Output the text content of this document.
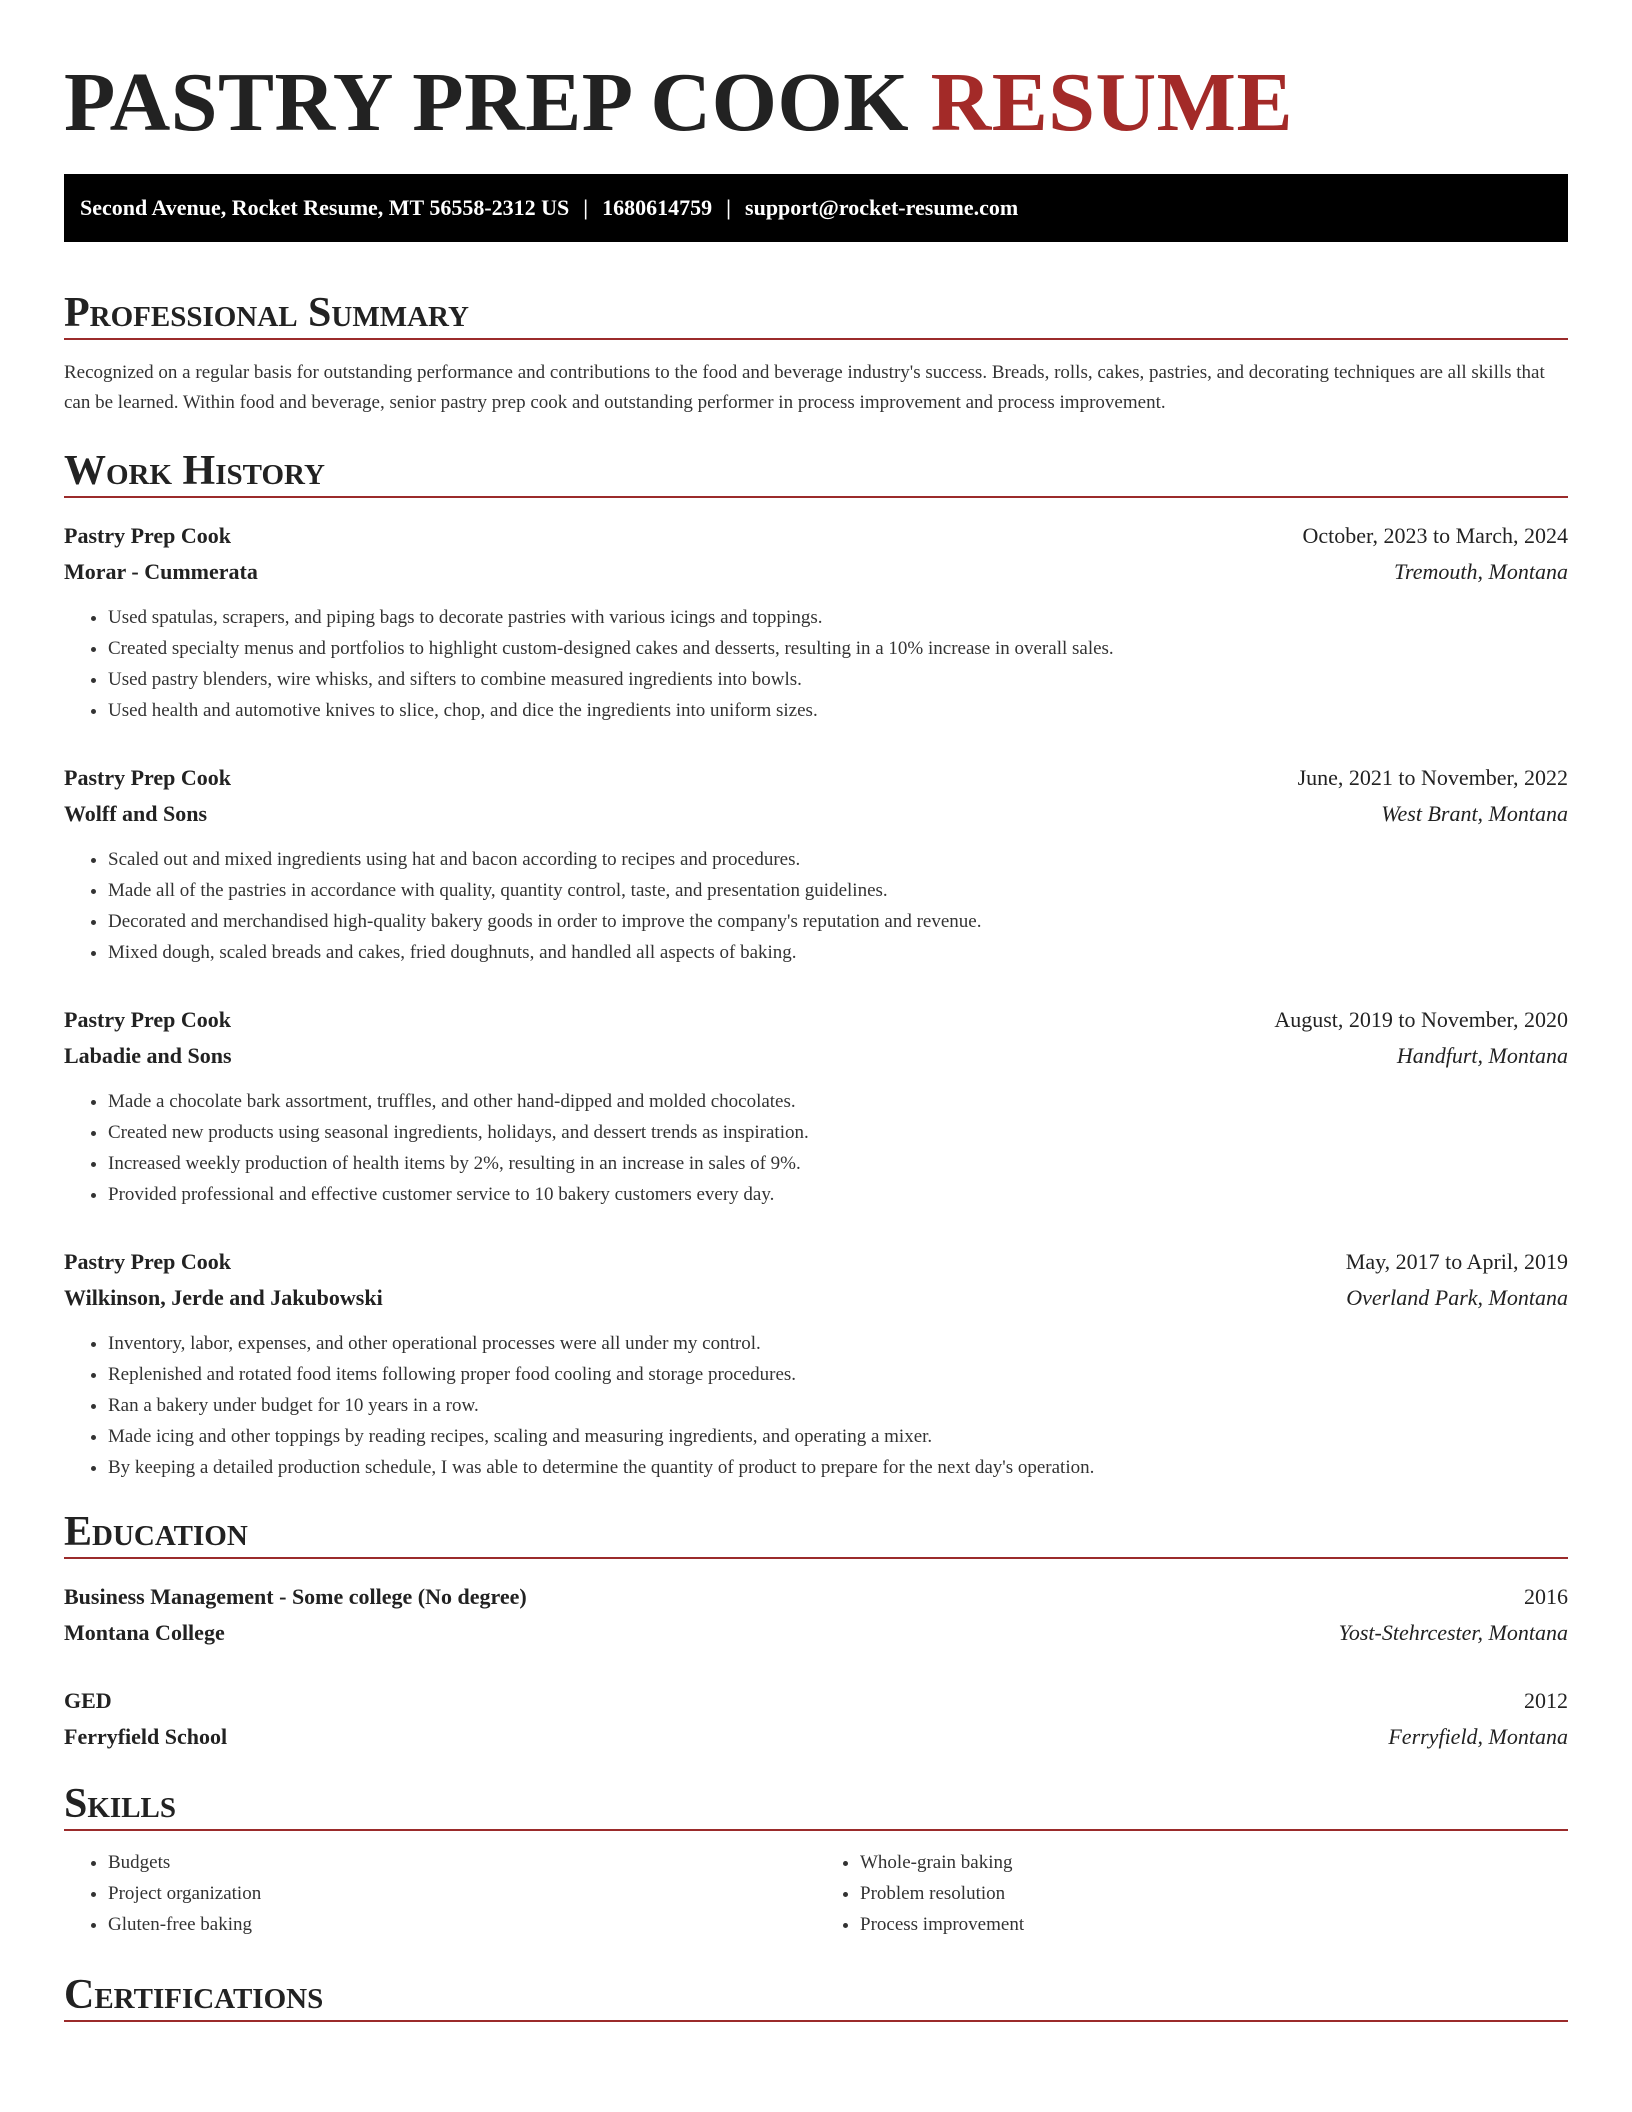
PASTRY PREP COOK RESUME
Second Avenue, Rocket Resume, MT 56558-2312 US | 1680614759 | support@rocket-resume.com
Professional Summary

Recognized on a regular basis for outstanding performance and contributions to the food and beverage industry's success. Breads, rolls, cakes, pastries, and decorating techniques are all skills that can be learned. Within food and beverage, senior pastry prep cook and outstanding performer in process improvement and process improvement.

Work History
Pastry Prep Cook	October, 2023 to March, 2024
Morar - Cummerata	Tremouth, Montana
• Used spatulas, scrapers, and piping bags to decorate pastries with various icings and toppings.
• Created specialty menus and portfolios to highlight custom-designed cakes and desserts, resulting in a 10% increase in overall sales.
• Used pastry blenders, wire whisks, and sifters to combine measured ingredients into bowls.
• Used health and automotive knives to slice, chop, and dice the ingredients into uniform sizes.
Pastry Prep Cook	June, 2021 to November, 2022
Wolff and Sons	West Brant, Montana
• Scaled out and mixed ingredients using hat and bacon according to recipes and procedures.
• Made all of the pastries in accordance with quality, quantity control, taste, and presentation guidelines.
• Decorated and merchandised high-quality bakery goods in order to improve the company's reputation and revenue.
• Mixed dough, scaled breads and cakes, fried doughnuts, and handled all aspects of baking.
Pastry Prep Cook	August, 2019 to November, 2020
Labadie and Sons	Handfurt, Montana
• Made a chocolate bark assortment, truffles, and other hand-dipped and molded chocolates.
• Created new products using seasonal ingredients, holidays, and dessert trends as inspiration.
• Increased weekly production of health items by 2%, resulting in an increase in sales of 9%.
• Provided professional and effective customer service to 10 bakery customers every day.
Pastry Prep Cook	May, 2017 to April, 2019
Wilkinson, Jerde and Jakubowski	Overland Park, Montana
• Inventory, labor, expenses, and other operational processes were all under my control.
• Replenished and rotated food items following proper food cooling and storage procedures.
• Ran a bakery under budget for 10 years in a row.
• Made icing and other toppings by reading recipes, scaling and measuring ingredients, and operating a mixer.
• By keeping a detailed production schedule, I was able to determine the quantity of product to prepare for the next day's operation.
Education
Business Management - Some college (No degree)	2016
Montana College	Yost-Stehrcester, Montana
GED	2012
Ferryfield School	Ferryfield, Montana
Skills
• Budgets
• Project organization
• Gluten-free baking
• Whole-grain baking
• Problem resolution
• Process improvement
Certifications
